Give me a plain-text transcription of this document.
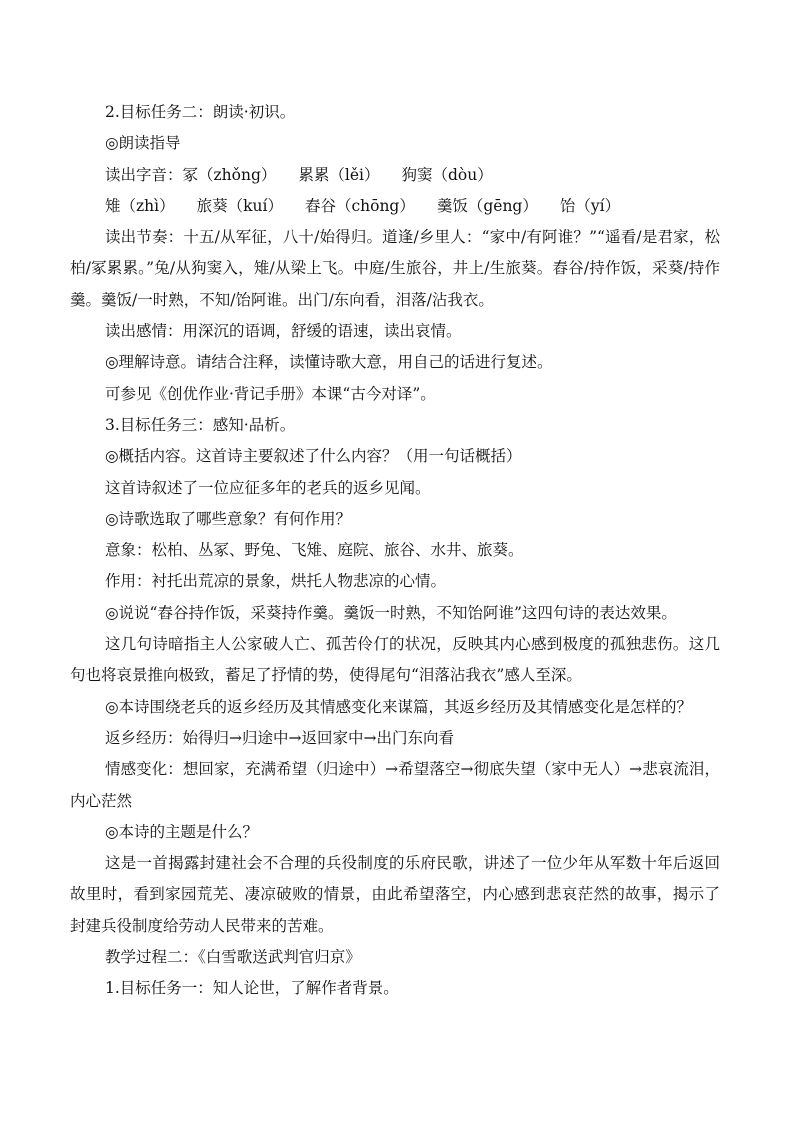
2.目标任务二：朗读·初识。

◎朗读指导

读出字音：冢（zhǒng） 累累（lěi） 狗窦（dòu）

雉（zhì） 旅葵（kuí） 舂谷（chōng） 羹饭（gēng） 饴（yí）

读出节奏：十五/从军征，八十/始得归。道逢/乡里人：“家中/有阿谁？”“遥看/是君家，松柏/冢累累。”兔/从狗窦入，雉/从梁上飞。中庭/生旅谷，井上/生旅葵。舂谷/持作饭，采葵/持作羹。羹饭/一时熟，不知/饴阿谁。出门/东向看，泪落/沾我衣。

读出感情：用深沉的语调，舒缓的语速，读出哀情。

◎理解诗意。请结合注释，读懂诗歌大意，用自己的话进行复述。

可参见《创优作业·背记手册》本课“古今对译”。

3.目标任务三：感知·品析。

◎概括内容。这首诗主要叙述了什么内容？（用一句话概括）

这首诗叙述了一位应征多年的老兵的返乡见闻。

◎诗歌选取了哪些意象？有何作用？

意象：松柏、丛冢、野兔、飞雉、庭院、旅谷、水井、旅葵。

作用：衬托出荒凉的景象，烘托人物悲凉的心情。

◎说说“舂谷持作饭，采葵持作羹。羹饭一时熟，不知饴阿谁”这四句诗的表达效果。

这几句诗暗指主人公家破人亡、孤苦伶仃的状况，反映其内心感到极度的孤独悲伤。这几句也将哀景推向极致，蓄足了抒情的势，使得尾句“泪落沾我衣”感人至深。

◎本诗围绕老兵的返乡经历及其情感变化来谋篇，其返乡经历及其情感变化是怎样的？

返乡经历：始得归→归途中→返回家中→出门东向看

情感变化：想回家，充满希望（归途中）→希望落空→彻底失望（家中无人）→悲哀流泪，内心茫然

◎本诗的主题是什么？

这是一首揭露封建社会不合理的兵役制度的乐府民歌，讲述了一位少年从军数十年后返回故里时，看到家园荒芜、凄凉破败的情景，由此希望落空，内心感到悲哀茫然的故事，揭示了封建兵役制度给劳动人民带来的苦难。

教学过程二：《白雪歌送武判官归京》

1.目标任务一：知人论世，了解作者背景。
